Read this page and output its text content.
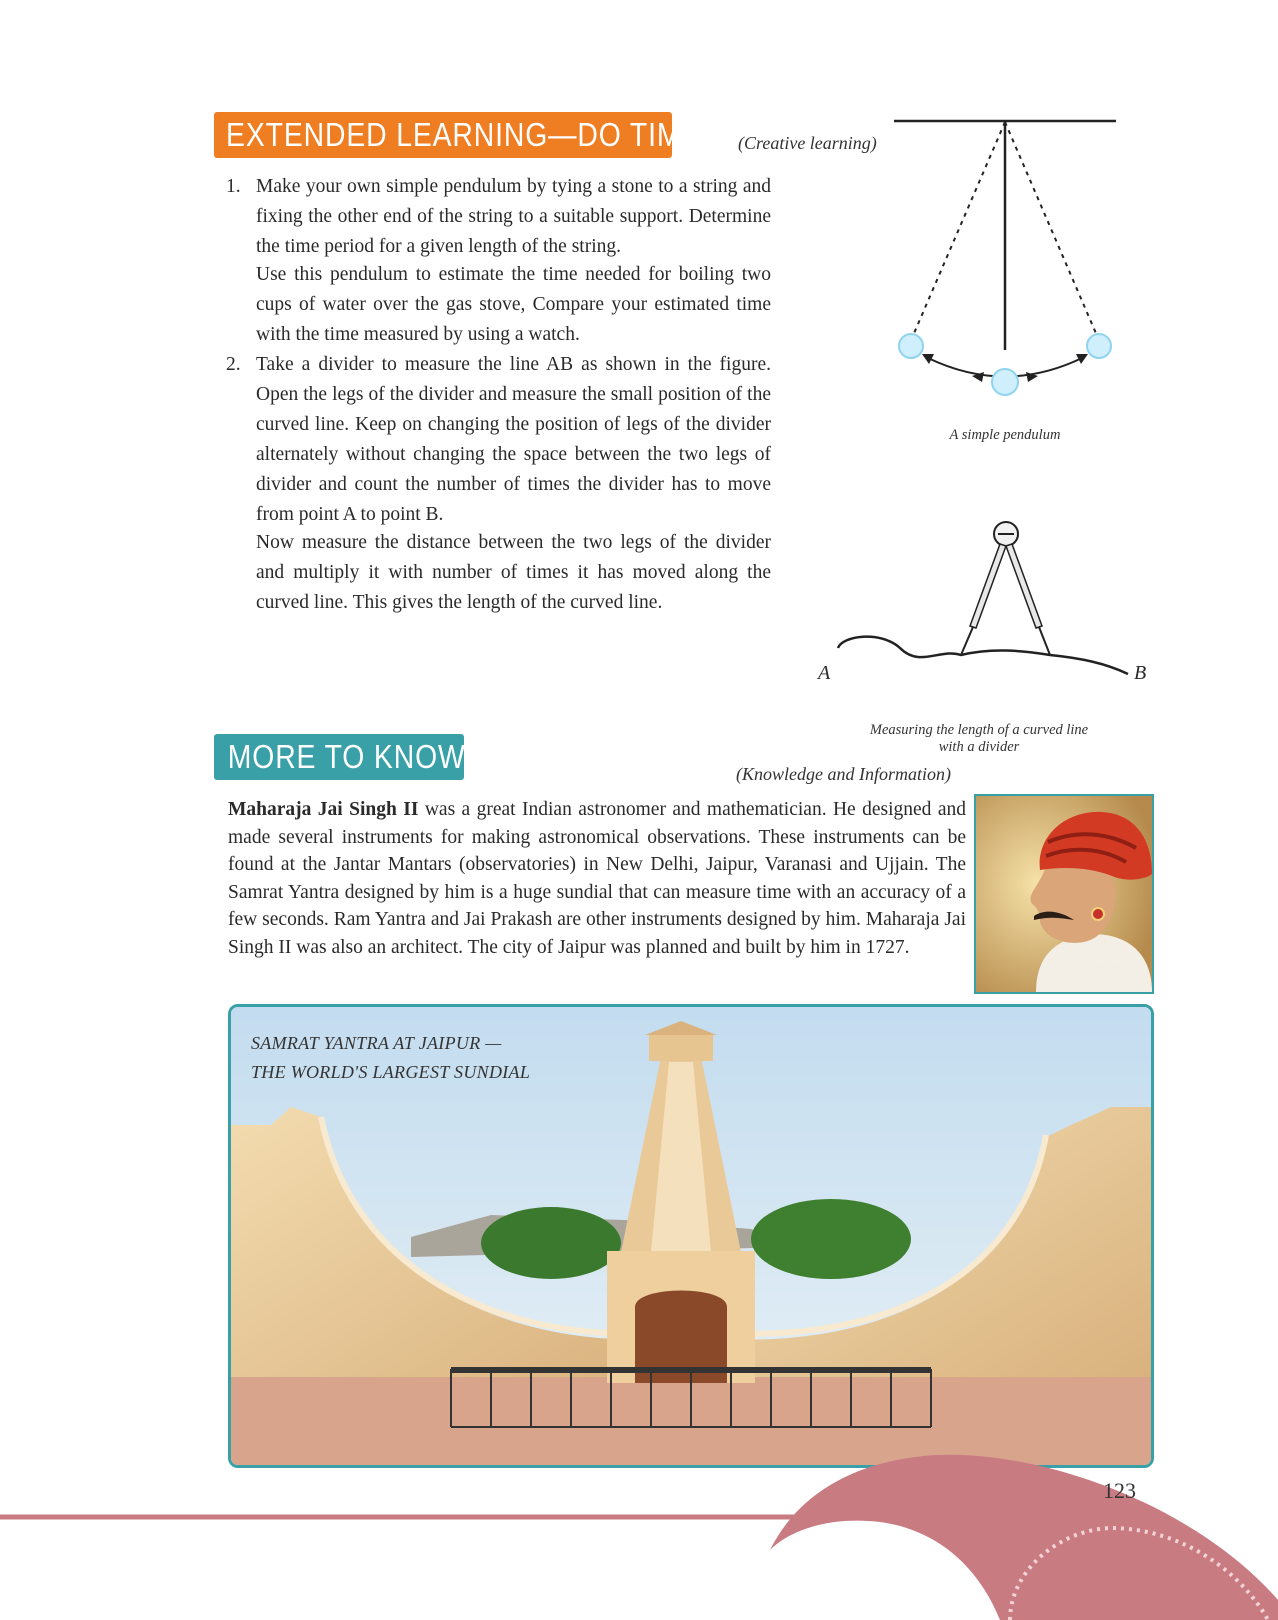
EXTENDED LEARNING—DO TIME (Creative learning)
1. Make your own simple pendulum by tying a stone to a string and fixing the other end of the string to a suitable support. Determine the time period for a given length of the string.

Use this pendulum to estimate the time needed for boiling two cups of water over the gas stove, Compare your estimated time with the time measured by using a watch.

2. Take a divider to measure the line AB as shown in the figure. Open the legs of the divider and measure the small position of the curved line. Keep on changing the position of legs of the divider alternately without changing the space between the two legs of divider and count the number of times the divider has to move from point A to point B.

Now measure the distance between the two legs of the divider and multiply it with number of times it has moved along the curved line. This gives the length of the curved line.

A simple pendulum
A	B
Measuring the length of a curved line with a divider
MORE TO KNOW	(Knowledge and Information)
Maharaja Jai Singh II was a great Indian astronomer and mathematician. He designed and made several instruments for making astronomical observations. These instruments can be found at the Jantar Mantars (observatories) in New Delhi, Jaipur, Varanasi and Ujjain. The Samrat Yantra designed by him is a huge sundial that can measure time with an accuracy of a few seconds. Ram Yantra and Jai Prakash are other instruments designed by him. Maharaja Jai Singh II was also an architect. The city of Jaipur was planned and built by him in 1727.
SAMRAT YANTRA AT JAIPUR —
THE WORLD'S LARGEST SUNDIAL
123
